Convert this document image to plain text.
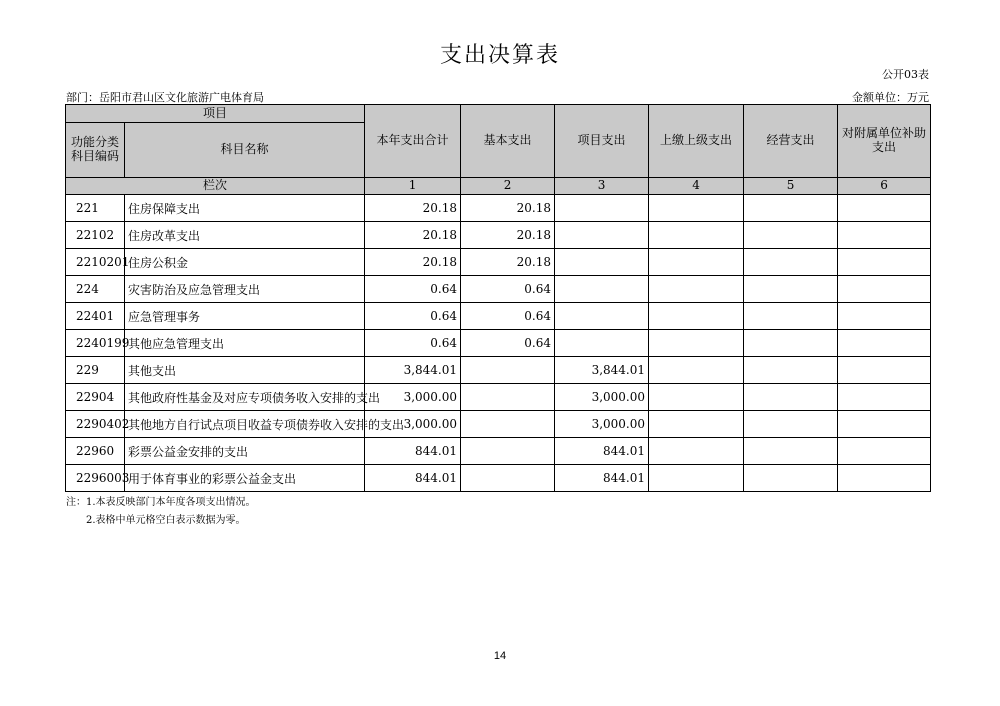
支出决算表
公开03表
部门：岳阳市君山区文化旅游广电体育局	金额单位：万元
项目		本年支出合计	基本支出	项目支出	上缴上级支出	经营支出	对附属单位补助支出
功能分类科目编码	科目名称						
栏次		1	2	3	4	5	6
221	住房保障支出	20.18	20.18				
22102	住房改革支出	20.18	20.18				
2210201	住房公积金	20.18	20.18				
224	灾害防治及应急管理支出	0.64	0.64				
22401	应急管理事务	0.64	0.64				
2240199	其他应急管理支出	0.64	0.64				
229	其他支出	3,844.01		3,844.01			
22904	其他政府性基金及对应专项债务收入安排的支出	3,000.00		3,000.00			
2290402	其他地方自行试点项目收益专项债券收入安排的支出	3,000.00		3,000.00			
22960	彩票公益金安排的支出	844.01		844.01			
2296003	用于体育事业的彩票公益金支出	844.01		844.01			
注：1.本表反映部门本年度各项支出情况。
2.表格中单元格空白表示数据为零。
14
